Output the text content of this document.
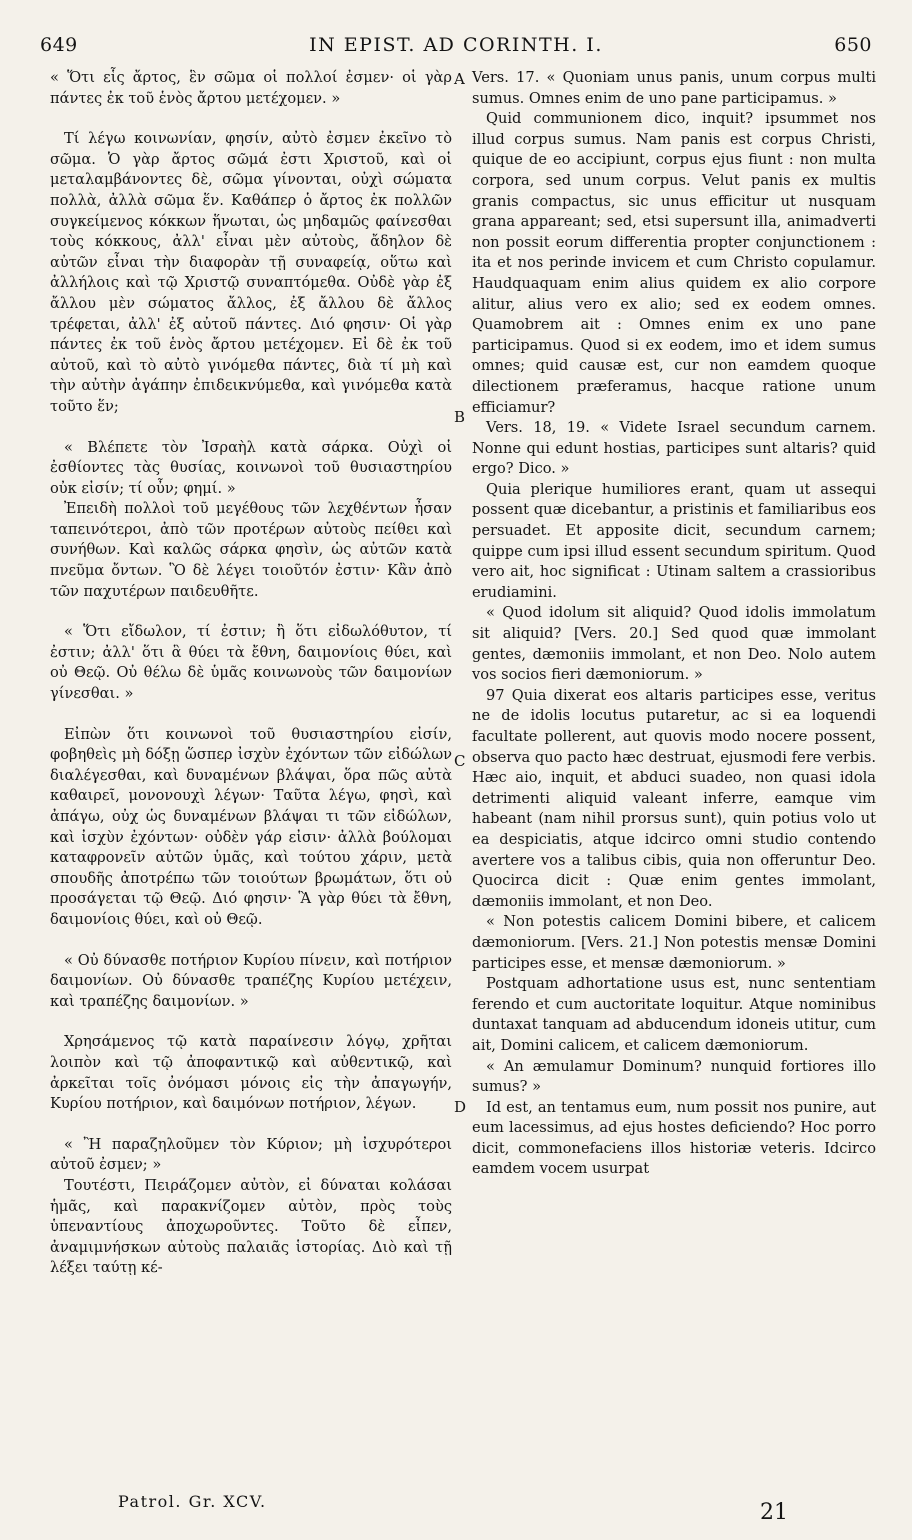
649	IN EPIST. AD CORINTH. I.	650

« Ὅτι εἷς ἄρτος, ἓν σῶμα οἱ πολλοί ἐσμεν· οἱ γὰρ πάντες ἐκ τοῦ ἑνὸς ἄρτου μετέχομεν. »

Τί λέγω κοινωνίαν, φησίν, αὐτὸ ἐσμεν ἐκεῖνο τὸ σῶμα. Ὁ γὰρ ἄρτος σῶμά ἐστι Χριστοῦ, καὶ οἱ μεταλαμβάνοντες δὲ, σῶμα γίνονται, οὐχὶ σώματα πολλὰ, ἀλλὰ σῶμα ἕν. Καθάπερ ὁ ἄρτος ἐκ πολλῶν συγκείμενος κόκκων ἥνωται, ὡς μηδαμῶς φαίνεσθαι τοὺς κόκκους, ἀλλ' εἶναι μὲν αὐτοὺς, ἄδηλον δὲ αὐτῶν εἶναι τὴν διαφορὰν τῇ συναφείᾳ, οὕτω καὶ ἀλλήλοις καὶ τῷ Χριστῷ συναπτόμεθα. Οὐδὲ γὰρ ἐξ ἄλλου μὲν σώματος ἄλλος, ἐξ ἄλλου δὲ ἄλλος τρέφεται, ἀλλ' ἐξ αὐτοῦ πάντες. Διό φησιν· Οἱ γὰρ πάντες ἐκ τοῦ ἑνὸς ἄρτου μετέχομεν. Εἰ δὲ ἐκ τοῦ αὐτοῦ, καὶ τὸ αὐτὸ γινόμεθα πάντες, διὰ τί μὴ καὶ τὴν αὐτὴν ἀγάπην ἐπιδεικνύμεθα, καὶ γινόμεθα κατὰ τοῦτο ἕν;

« Βλέπετε τὸν Ἰσραὴλ κατὰ σάρκα. Οὐχὶ οἱ ἐσθίοντες τὰς θυσίας, κοινωνοὶ τοῦ θυσιαστηρίου οὐκ εἰσίν; τί οὖν; φημί. »

Ἐπειδὴ πολλοὶ τοῦ μεγέθους τῶν λεχθέντων ἦσαν ταπεινότεροι, ἀπὸ τῶν προτέρων αὐτοὺς πείθει καὶ συνήθων. Καὶ καλῶς σάρκα φησὶν, ὡς αὐτῶν κατὰ πνεῦμα ὄντων. Ὃ δὲ λέγει τοιοῦτόν ἐστιν· Κἂν ἀπὸ τῶν παχυτέρων παιδευθῆτε.

« Ὅτι εἴδωλον, τί ἐστιν; ἢ ὅτι εἰδωλόθυτον, τί ἐστιν; ἀλλ' ὅτι ἃ θύει τὰ ἔθνη, δαιμονίοις θύει, καὶ οὐ Θεῷ. Οὐ θέλω δὲ ὑμᾶς κοινωνοὺς τῶν δαιμονίων γίνεσθαι. »

Εἰπὼν ὅτι κοινωνοὶ τοῦ θυσιαστηρίου εἰσίν, φοβηθεὶς μὴ δόξῃ ὥσπερ ἰσχὺν ἐχόντων τῶν εἰδώλων διαλέγεσθαι, καὶ δυναμένων βλάψαι, ὅρα πῶς αὐτὰ καθαιρεῖ, μονονουχὶ λέγων· Ταῦτα λέγω, φησὶ, καὶ ἀπάγω, οὐχ ὡς δυναμένων βλάψαι τι τῶν εἰδώλων, καὶ ἰσχὺν ἐχόντων· οὐδὲν γάρ εἰσιν· ἀλλὰ βούλομαι καταφρονεῖν αὐτῶν ὑμᾶς, καὶ τούτου χάριν, μετὰ σπουδῆς ἀποτρέπω τῶν τοιούτων βρωμάτων, ὅτι οὐ προσάγεται τῷ Θεῷ. Διό φησιν· Ἃ γὰρ θύει τὰ ἔθνη, δαιμονίοις θύει, καὶ οὐ Θεῷ.

« Οὐ δύνασθε ποτήριον Κυρίου πίνειν, καὶ ποτήριον δαιμονίων. Οὐ δύνασθε τραπέζης Κυρίου μετέχειν, καὶ τραπέζης δαιμονίων. »

Χρησάμενος τῷ κατὰ παραίνεσιν λόγῳ, χρῆται λοιπὸν καὶ τῷ ἀποφαντικῷ καὶ αὐθεντικῷ, καὶ ἀρκεῖται τοῖς ὀνόμασι μόνοις εἰς τὴν ἀπαγωγήν, Κυρίου ποτήριον, καὶ δαιμόνων ποτήριον, λέγων.

« Ἢ παραζηλοῦμεν τὸν Κύριον; μὴ ἰσχυρότεροι αὐτοῦ ἐσμεν; »

Τουτέστι, Πειράζομεν αὐτὸν, εἰ δύναται κολάσαι ἡμᾶς, καὶ παρακνίζομεν αὐτὸν, πρὸς τοὺς ὑπεναντίους ἀποχωροῦντες. Τοῦτο δὲ εἶπεν, ἀναμιμνήσκων αὐτοὺς παλαιᾶς ἱστορίας. Διὸ καὶ τῇ λέξει ταύτῃ κέ-

Vers. 17. « Quoniam unus panis, unum corpus multi sumus. Omnes enim de uno pane participamus. »

Quid communionem dico, inquit? ipsummet nos illud corpus sumus. Nam panis est corpus Christi, quique de eo accipiunt, corpus ejus fiunt : non multa corpora, sed unum corpus. Velut panis ex multis granis compactus, sic unus efficitur ut nusquam grana appareant; sed, etsi supersunt illa, animadverti non possit eorum differentia propter conjunctionem : ita et nos perinde invicem et cum Christo copulamur. Haudquaquam enim alius quidem ex alio corpore alitur, alius vero ex alio; sed ex eodem omnes. Quamobrem ait : Omnes enim ex uno pane participamus. Quod si ex eodem, imo et idem sumus omnes; quid causæ est, cur non eamdem quoque dilectionem præferamus, hacque ratione unum efficiamur?

Vers. 18, 19. « Videte Israel secundum carnem. Nonne qui edunt hostias, participes sunt altaris? quid ergo? Dico. »

Quia plerique humiliores erant, quam ut assequi possent quæ dicebantur, a pristinis et familiaribus eos persuadet. Et apposite dicit, secundum carnem; quippe cum ipsi illud essent secundum spiritum. Quod vero ait, hoc significat : Utinam saltem a crassioribus erudiamini.

« Quod idolum sit aliquid? Quod idolis immolatum sit aliquid? [Vers. 20.] Sed quod quæ immolant gentes, dæmoniis immolant, et non Deo. Nolo autem vos socios fieri dæmoniorum. »

97 Quia dixerat eos altaris participes esse, veritus ne de idolis locutus putaretur, ac si ea loquendi facultate pollerent, aut quovis modo nocere possent, observa quo pacto hæc destruat, ejusmodi fere verbis. Hæc aio, inquit, et abduci suadeo, non quasi idola detrimenti aliquid valeant inferre, eamque vim habeant (nam nihil prorsus sunt), quin potius volo ut ea despiciatis, atque idcirco omni studio contendo avertere vos a talibus cibis, quia non offeruntur Deo. Quocirca dicit : Quæ enim gentes immolant, dæmoniis immolant, et non Deo.

« Non potestis calicem Domini bibere, et calicem dæmoniorum. [Vers. 21.] Non potestis mensæ Domini participes esse, et mensæ dæmoniorum. »

Postquam adhortatione usus est, nunc sententiam ferendo et cum auctoritate loquitur. Atque nominibus duntaxat tanquam ad abducendum idoneis utitur, cum ait, Domini calicem, et calicem dæmoniorum.

« An æmulamur Dominum? nunquid fortiores illo sumus? »

Id est, an tentamus eum, num possit nos punire, aut eum lacessimus, ad ejus hostes deficiendo? Hoc porro dicit, commonefaciens illos historiæ veteris. Idcirco eamdem vocem usurpat

A
B
C
D
Patrol. Gr. XCV.	21
